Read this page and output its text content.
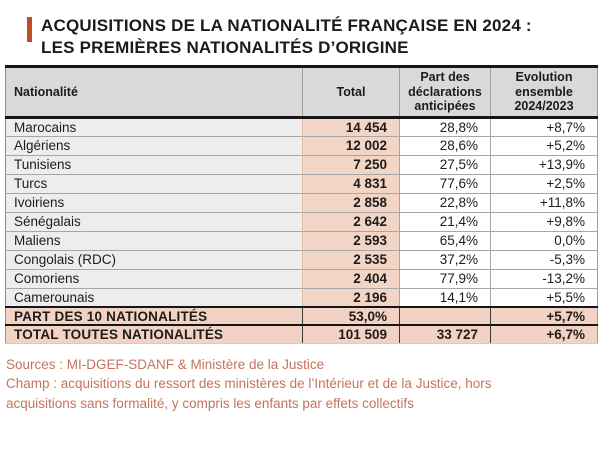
ACQUISITIONS DE LA NATIONALITÉ FRANÇAISE EN 2024 :
LES PREMIÈRES NATIONALITÉS D’ORIGINE
Nationalité	Total	Part des déclarations anticipées	Evolution ensemble 2024/2023
Marocains	14 454	28,8%	+8,7%
Algériens	12 002	28,6%	+5,2%
Tunisiens	7 250	27,5%	+13,9%
Turcs	4 831	77,6%	+2,5%
Ivoiriens	2 858	22,8%	+11,8%
Sénégalais	2 642	21,4%	+9,8%
Maliens	2 593	65,4%	0,0%
Congolais (RDC)	2 535	37,2%	-5,3%
Comoriens	2 404	77,9%	-13,2%
Camerounais	2 196	14,1%	+5,5%
PART DES 10 NATIONALITÉS	53,0%		+5,7%
TOTAL TOUTES NATIONALITÉS	101 509	33 727	+6,7%

Sources : MI-DGEF-SDANF & Ministère de la Justice

Champ : acquisitions du ressort des ministères de l’Intérieur et de la Justice, hors acquisitions sans formalité, y compris les enfants par effets collectifs
